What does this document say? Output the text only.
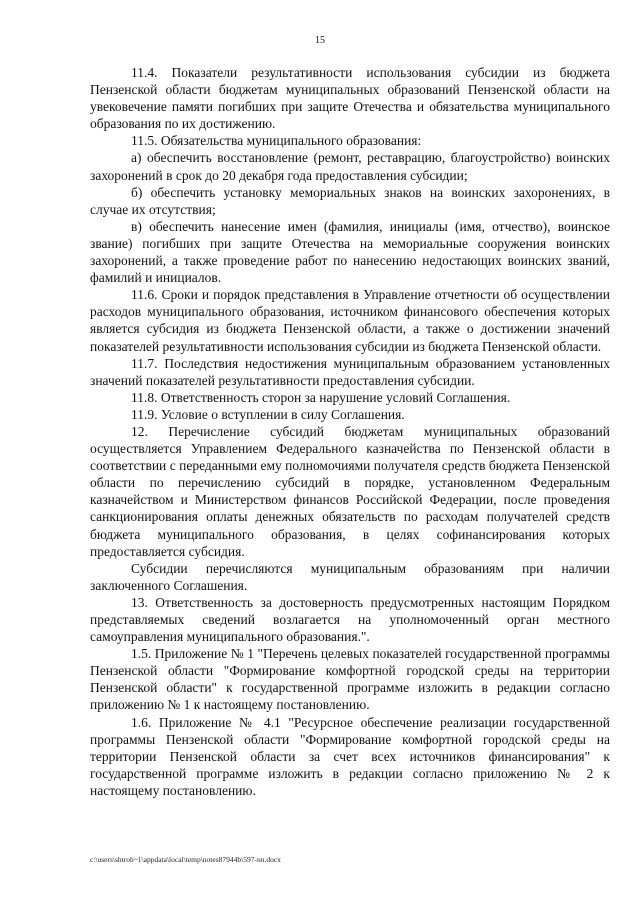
15

11.4. Показатели результативности использования субсидии из бюджета Пензенской области бюджетам муниципальных образований Пензенской области на увековечение памяти погибших при защите Отечества и обязательства муниципального образования по их достижению.

11.5. Обязательства муниципального образования:

а) обеспечить восстановление (ремонт, реставрацию, благоустройство) воинских захоронений в срок до 20 декабря года предоставления субсидии;

б) обеспечить установку мемориальных знаков на воинских захоронениях, в случае их отсутствия;

в) обеспечить нанесение имен (фамилия, инициалы (имя, отчество), воинское звание) погибших при защите Отечества на мемориальные сооружения воинских захоронений, а также проведение работ по нанесению недостающих воинских званий, фамилий и инициалов.

11.6. Сроки и порядок представления в Управление отчетности об осуществлении расходов муниципального образования, источником финансового обеспечения которых является субсидия из бюджета Пензенской области, а также о достижении значений показателей результативности использования субсидии из бюджета Пензенской области.

11.7. Последствия недостижения муниципальным образованием установленных значений показателей результативности предоставления субсидии.

11.8. Ответственность сторон за нарушение условий Соглашения.

11.9. Условие о вступлении в силу Соглашения.

12. Перечисление субсидий бюджетам муниципальных образований осуществляется Управлением Федерального казначейства по Пензенской области в соответствии с переданными ему полномочиями получателя средств бюджета Пензенской области по перечислению субсидий в порядке, установленном Федеральным казначейством и Министерством финансов Российской Федерации, после проведения санкционирования оплаты денежных обязательств по расходам получателей средств бюджета муниципального образования, в целях софинансирования которых предоставляется субсидия.

Субсидии перечисляются муниципальным образованиям при наличии заключенного Соглашения.

13. Ответственность за достоверность предусмотренных настоящим Порядком представляемых сведений возлагается на уполномоченный орган местного самоуправления муниципального образования.".

1.5. Приложение № 1 "Перечень целевых показателей государственной программы Пензенской области "Формирование комфортной городской среды на территории Пензенской области" к государственной программе изложить в редакции согласно приложению № 1 к настоящему постановлению.

1.6. Приложение № 4.1 "Ресурсное обеспечение реализации государственной программы Пензенской области "Формирование комфортной городской среды на территории Пензенской области за счет всех источников финансирования" к государственной программе изложить в редакции согласно приложению № 2 к настоящему постановлению.

c:\users\shtroh~1\appdata\local\temp\notes87944b\597-nn.docx
